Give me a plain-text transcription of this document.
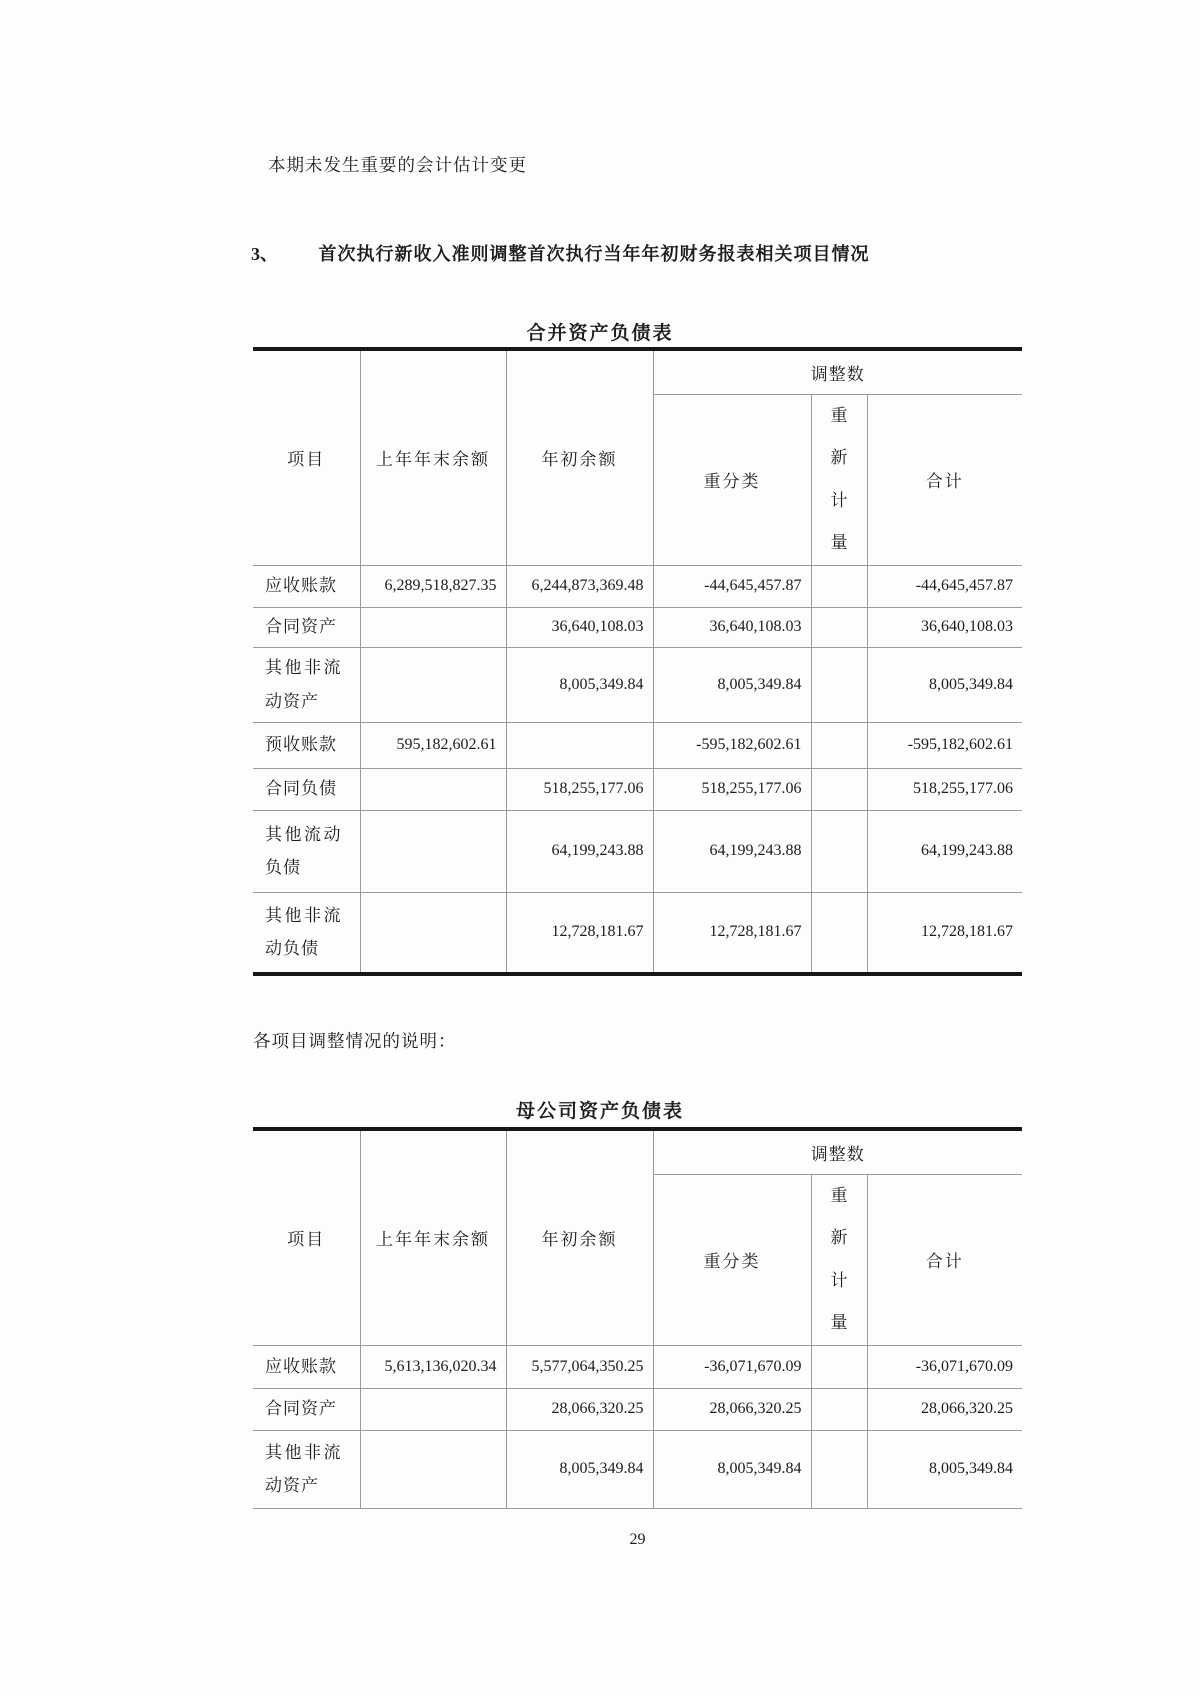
本期未发生重要的会计估计变更
3、 首次执行新收入准则调整首次执行当年年初财务报表相关项目情况
合并资产负债表
项目	上年年末余额	年初余额	调整数		
			重分类	重新计量	合计
应收账款	6,289,518,827.35	6,244,873,369.48	-44,645,457.87		-44,645,457.87
合同资产		36,640,108.03	36,640,108.03		36,640,108.03
其他非流动资产		8,005,349.84	8,005,349.84		8,005,349.84
预收账款	595,182,602.61		-595,182,602.61		-595,182,602.61
合同负债		518,255,177.06	518,255,177.06		518,255,177.06
其他流动负债		64,199,243.88	64,199,243.88		64,199,243.88
其他非流动负债		12,728,181.67	12,728,181.67		12,728,181.67
各项目调整情况的说明：
母公司资产负债表
项目	上年年末余额	年初余额	调整数		
			重分类	重新计量	合计
应收账款	5,613,136,020.34	5,577,064,350.25	-36,071,670.09		-36,071,670.09
合同资产		28,066,320.25	28,066,320.25		28,066,320.25
其他非流动资产		8,005,349.84	8,005,349.84		8,005,349.84
29
